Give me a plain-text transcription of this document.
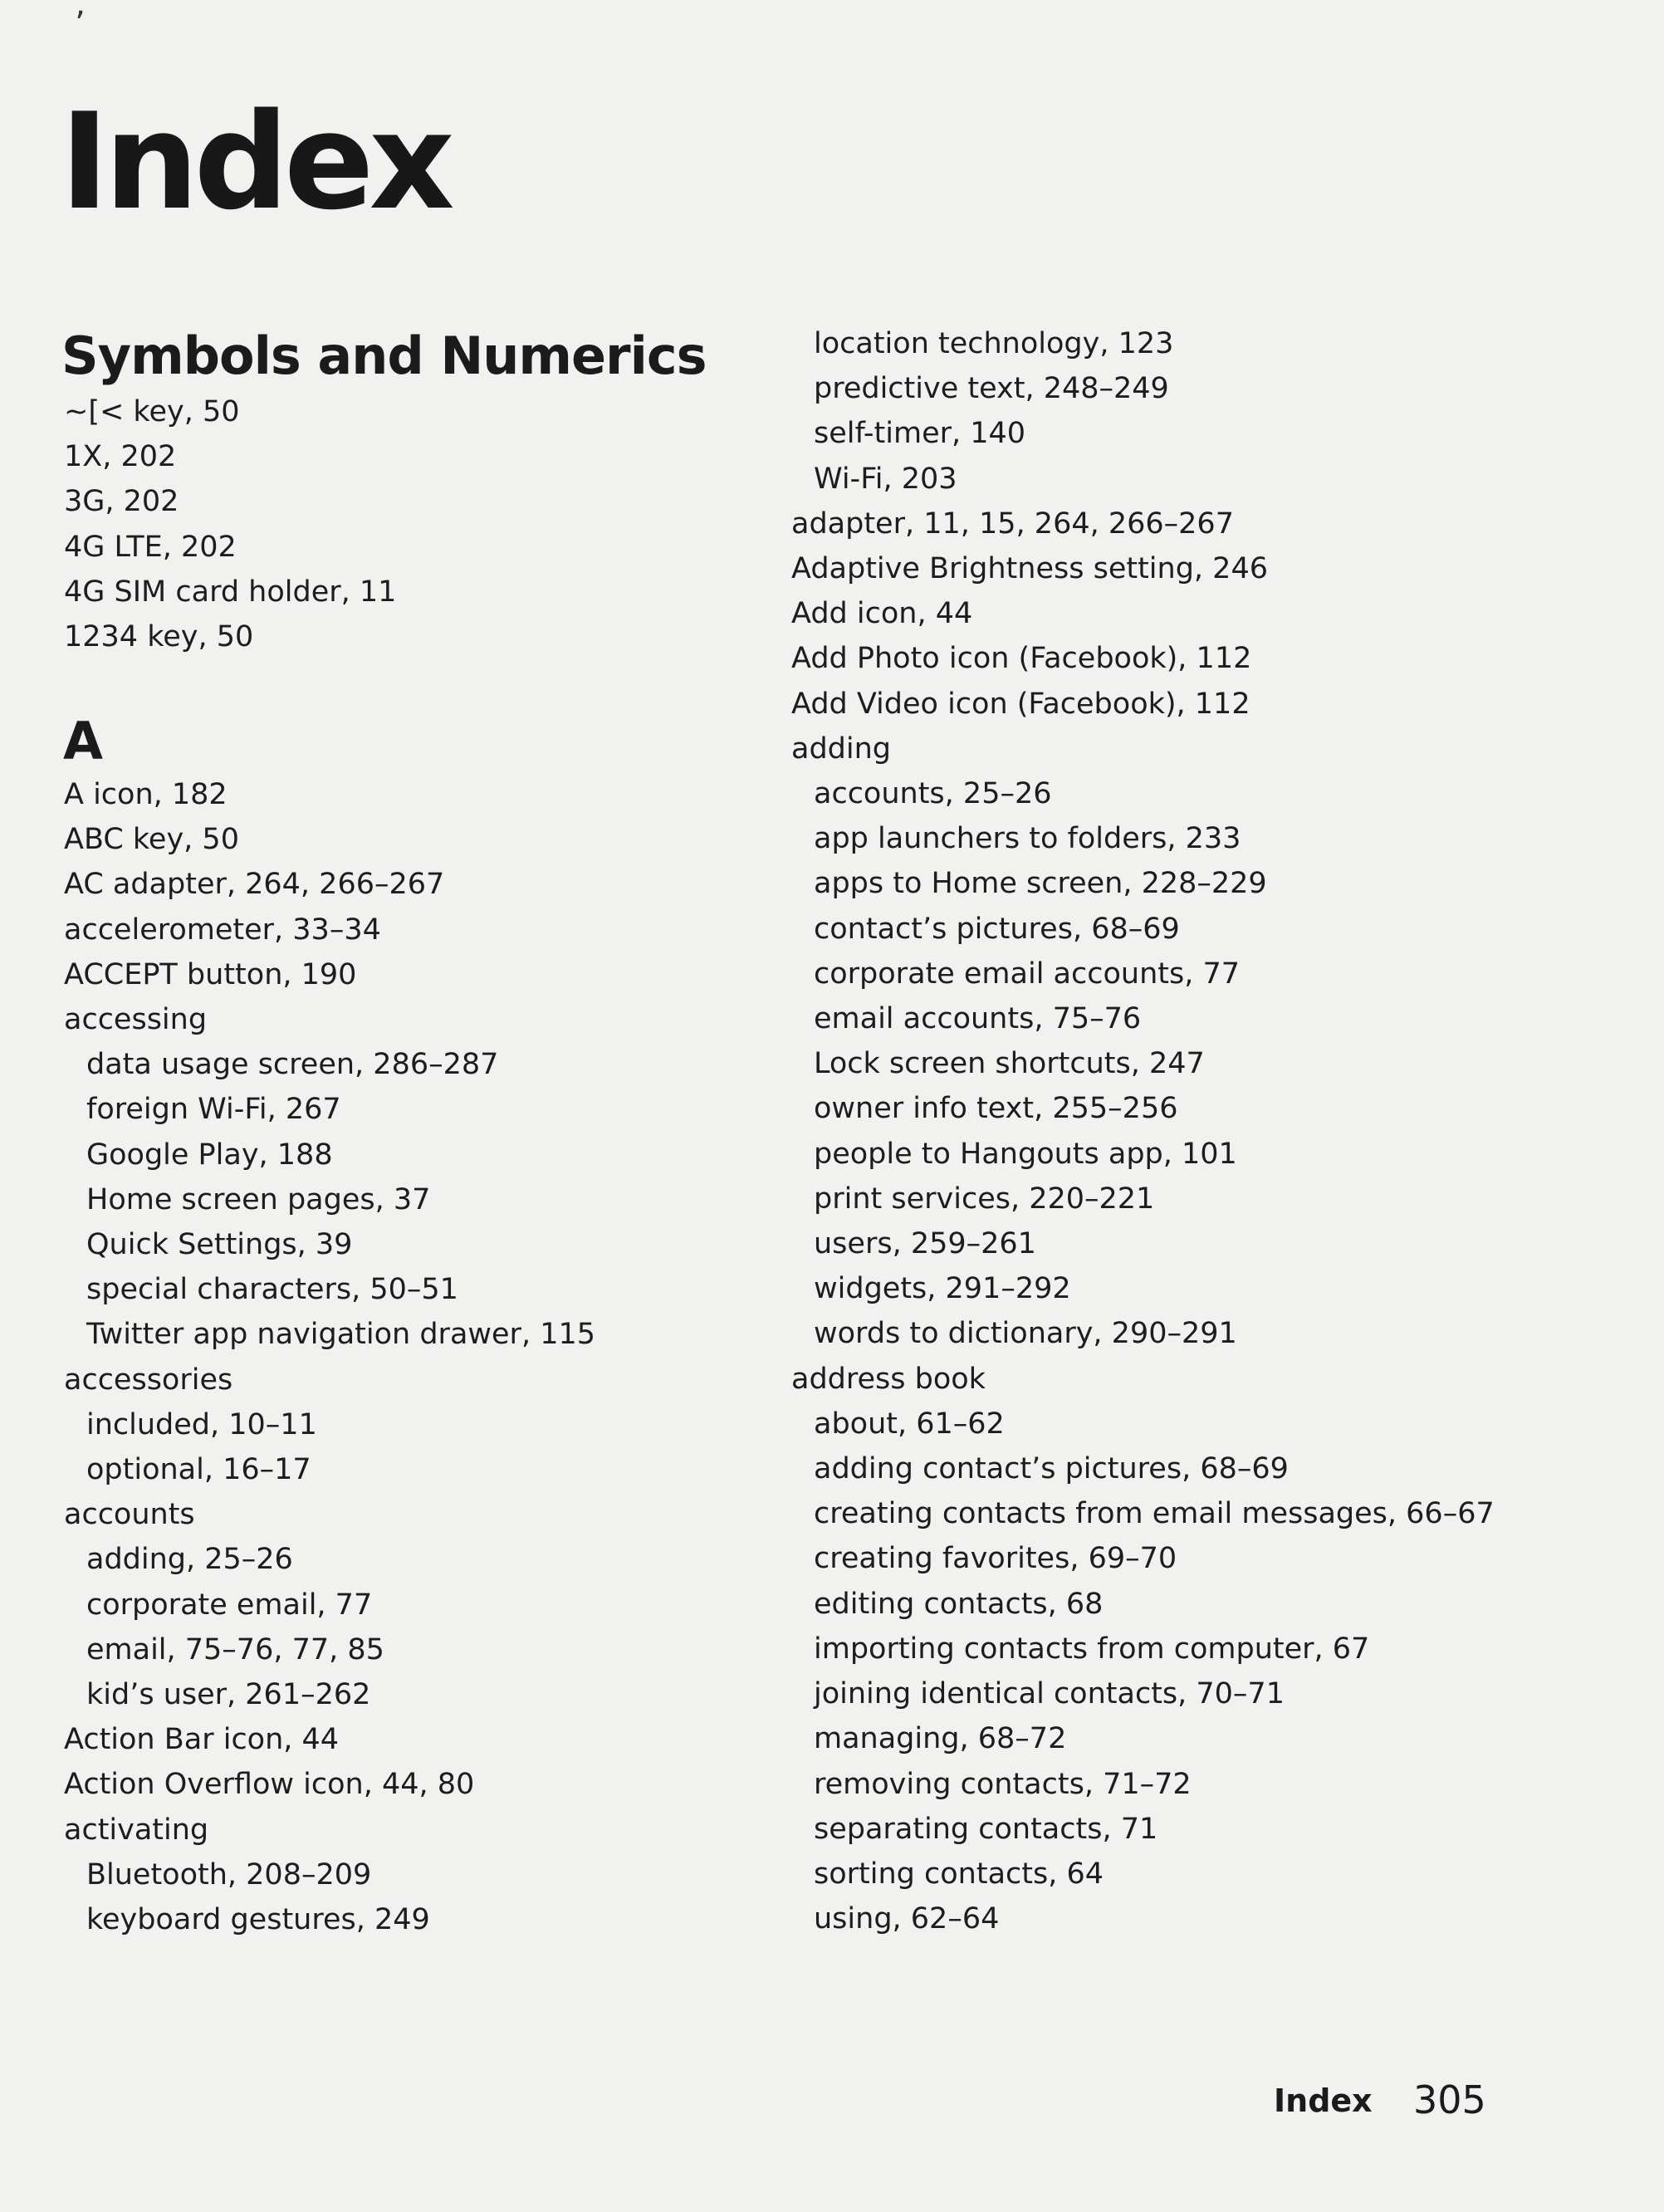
’
Index
Symbols and Numerics
~[< key, 50
1X, 202
3G, 202
4G LTE, 202
4G SIM card holder, 11
1234 key, 50
A
A icon, 182
ABC key, 50
AC adapter, 264, 266–267
accelerometer, 33–34
ACCEPT button, 190
accessing
data usage screen, 286–287
foreign Wi-Fi, 267
Google Play, 188
Home screen pages, 37
Quick Settings, 39
special characters, 50–51
Twitter app navigation drawer, 115
accessories
included, 10–11
optional, 16–17
accounts
adding, 25–26
corporate email, 77
email, 75–76, 77, 85
kid’s user, 261–262
Action Bar icon, 44
Action Overflow icon, 44, 80
activating
Bluetooth, 208–209
keyboard gestures, 249
location technology, 123
predictive text, 248–249
self-timer, 140
Wi-Fi, 203
adapter, 11, 15, 264, 266–267
Adaptive Brightness setting, 246
Add icon, 44
Add Photo icon (Facebook), 112
Add Video icon (Facebook), 112
adding
accounts, 25–26
app launchers to folders, 233
apps to Home screen, 228–229
contact’s pictures, 68–69
corporate email accounts, 77
email accounts, 75–76
Lock screen shortcuts, 247
owner info text, 255–256
people to Hangouts app, 101
print services, 220–221
users, 259–261
widgets, 291–292
words to dictionary, 290–291
address book
about, 61–62
adding contact’s pictures, 68–69
creating contacts from email messages, 66–67
creating favorites, 69–70
editing contacts, 68
importing contacts from computer, 67
joining identical contacts, 70–71
managing, 68–72
removing contacts, 71–72
separating contacts, 71
sorting contacts, 64
using, 62–64
Index 305
